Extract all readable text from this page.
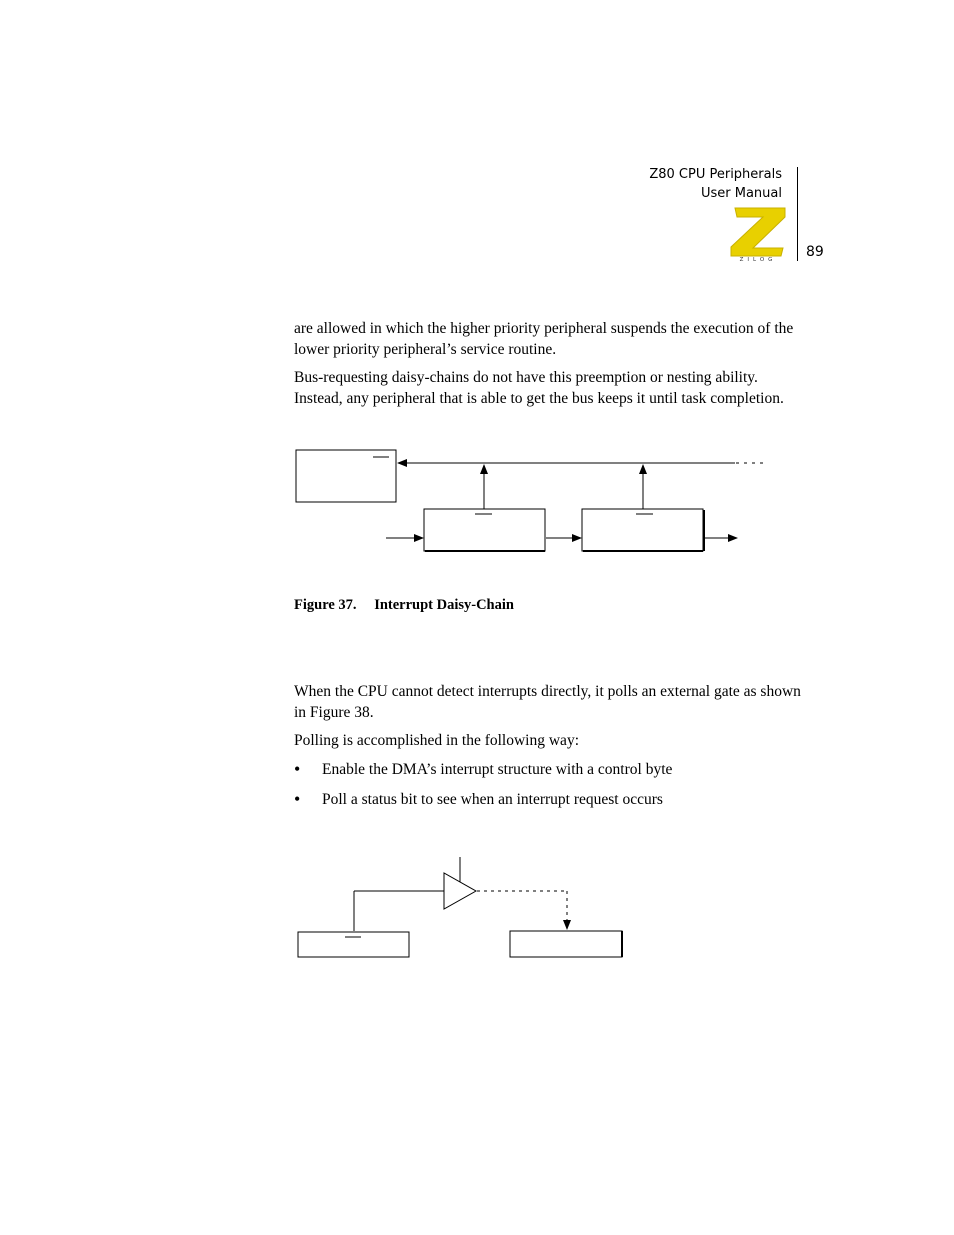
Z80 CPU Peripherals
User Manual
89
ZILOG

are allowed in which the higher priority peripheral suspends the execution of the lower priority peripheral’s service routine.

Bus-requesting daisy-chains do not have this preemption or nesting ability. Instead, any peripheral that is able to get the bus keeps it until task completion.

Figure 37. Interrupt Daisy-Chain

When the CPU cannot detect interrupts directly, it polls an external gate as shown in Figure 38.

Polling is accomplished in the following way:

• Enable the DMA’s interrupt structure with a control byte
• Poll a status bit to see when an interrupt request occurs
